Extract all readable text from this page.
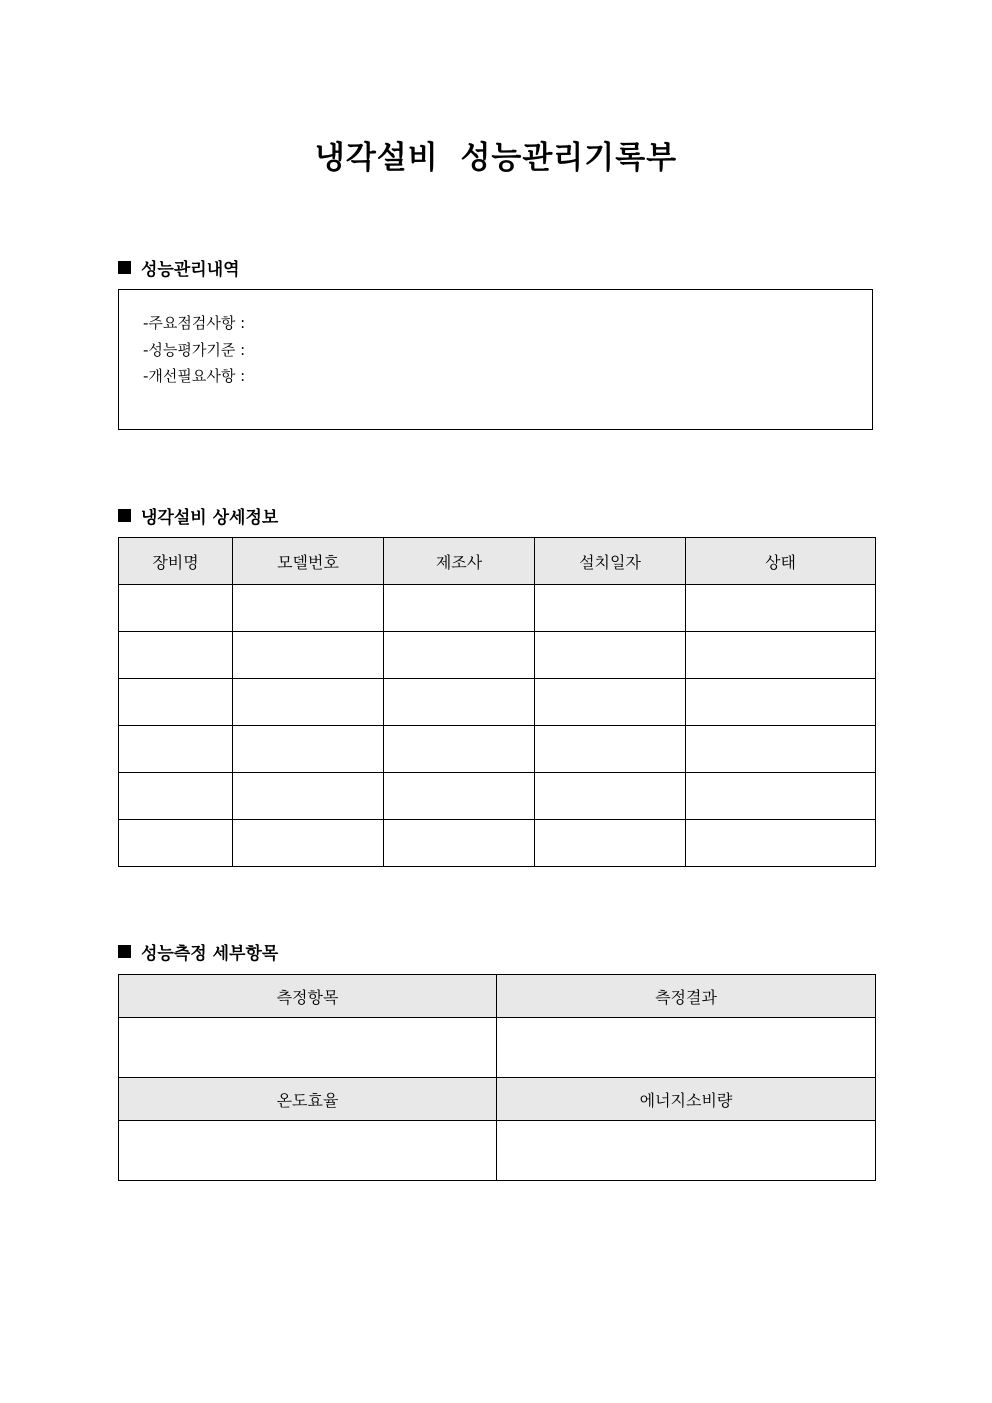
냉각설비 성능관리기록부
성능관리내역
-주요점검사항 :
-성능평가기준 :
-개선필요사항 :
냉각설비 상세정보
장비명	모델번호	제조사	설치일자	상태

성능측정 세부항목
측정항목	측정결과

온도효율	에너지소비량
